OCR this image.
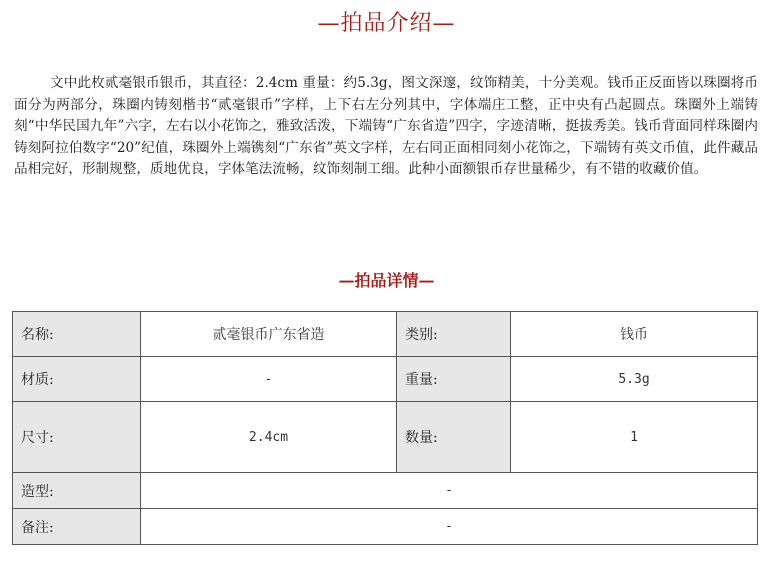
—拍品介绍—

文中此枚贰毫银币银币，其直径：2.4cm 重量：约5.3g，图文深邃，纹饰精美，十分美观。钱币正反面皆以珠圈将币面分为两部分，珠圈内铸刻楷书“贰毫银币”字样，上下右左分列其中，字体端庄工整，正中央有凸起圆点。珠圈外上端铸刻“中华民国九年”六字，左右以小花饰之，雅致活泼，下端铸“广东省造”四字，字迹清晰，挺拔秀美。钱币背面同样珠圈内铸刻阿拉伯数字“20”纪值，珠圈外上端镌刻“广东省”英文字样，左右同正面相同刻小花饰之，下端铸有英文币值，此件藏品品相完好，形制规整，质地优良，字体笔法流畅，纹饰刻制工细。此种小面额银币存世量稀少，有不错的收藏价值。

—拍品详情—
名称:	贰毫银币广东省造	类别:	钱币
材质:	-	重量:	5.3g
尺寸:	2.4cm	数量:	1
造型:	-		
备注:	-		
